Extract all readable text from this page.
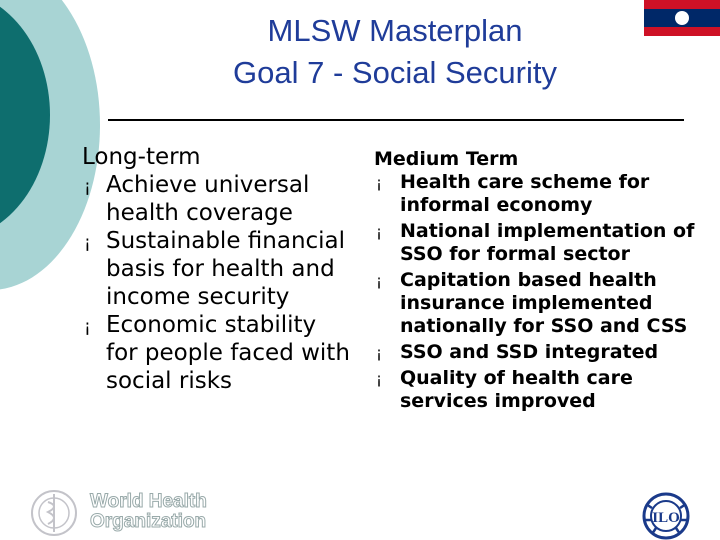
MLSW Masterplan
Goal 7 - Social Security
Long-term
¡ Achieve universal health coverage
¡ Sustainable financial basis for health and income security
¡ Economic stability for people faced with social risks
Medium Term
¡ Health care scheme for informal economy
¡ National implementation of SSO for formal sector
¡ Capitation based health insurance implemented nationally for SSO and CSS
¡ SSO and SSD integrated
¡ Quality of health care services improved
World Health
Organization	ILO
